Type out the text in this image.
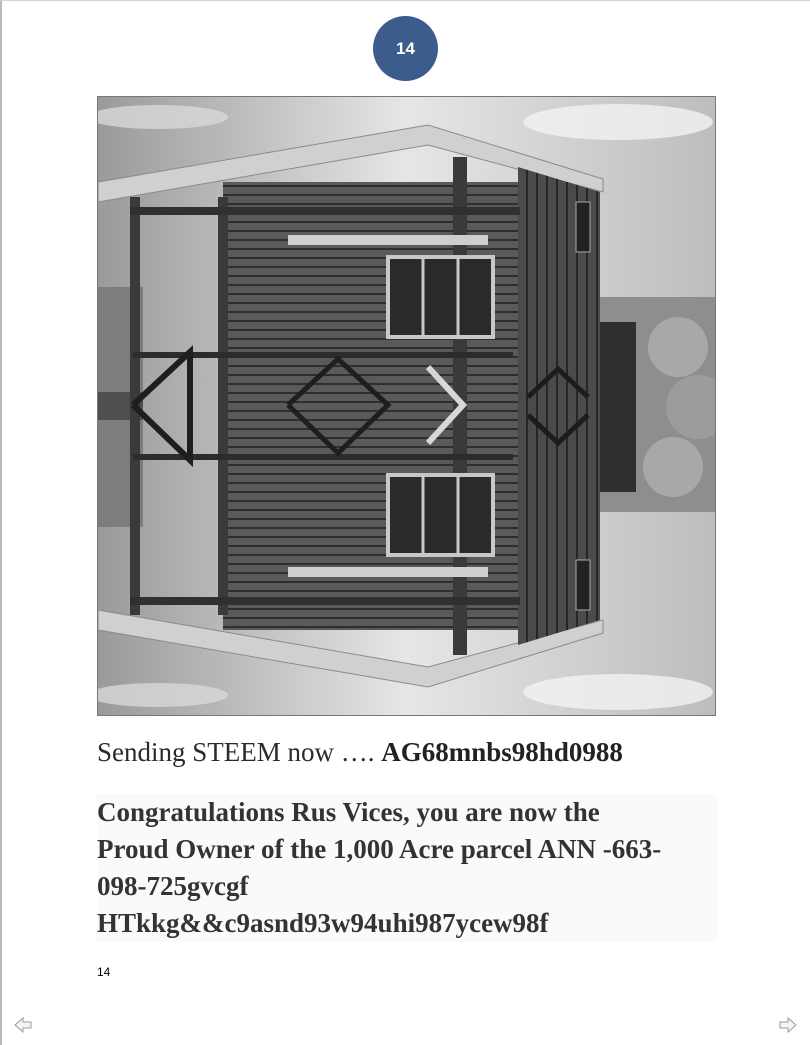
14
Sending STEEM now …. AG68mnbs98hd0988
Congratulations Rus Vices, you are now the
Proud Owner of the 1,000 Acre parcel ANN -663-
098-725gvcgf
HTkkg&&c9asnd93w94uhi987ycew98f
14
